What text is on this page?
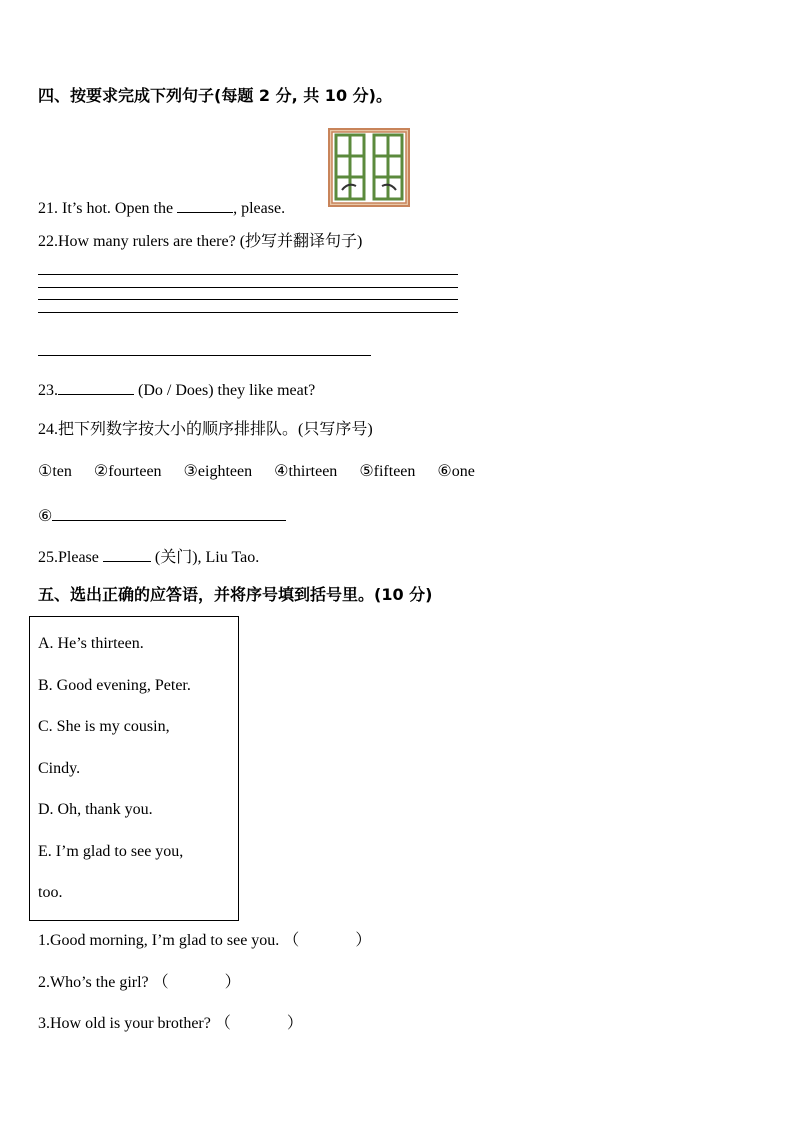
四、按要求完成下列句子(每题 2 分, 共 10 分)。
21. It’s hot. Open the	, please.
22.How many rulers are there? (抄写并翻译句子)
23.	(Do / Does) they like meat?
24.把下列数字按大小的顺序排排队。(只写序号)
①ten ②fourteen ③eighteen ④thirteen ⑤fifteen ⑥one
⑥
25.Please	(关门), Liu Tao.
五、选出正确的应答语，并将序号填到括号里。(10 分)
A. He’s thirteen.
B. Good evening, Peter.
C. She is my cousin,
Cindy.
D. Oh, thank you.
E. I’m glad to see you,
too.
1.Good morning, I’m glad to see you. （	）
2.Who’s the girl? （	）
3.How old is your brother? （	）
